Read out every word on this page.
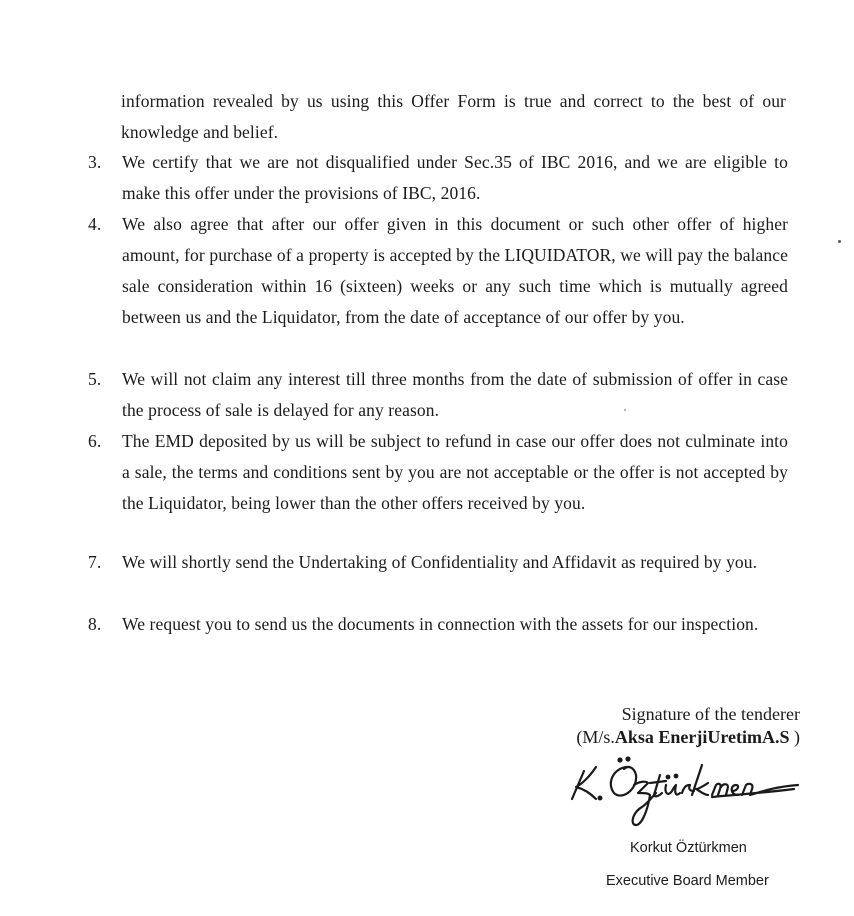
information revealed by us using this Offer Form is true and correct to the best of our knowledge and belief.
3.	We certify that we are not disqualified under Sec.35 of IBC 2016, and we are eligible to make this offer under the provisions of IBC, 2016.
4.	We also agree that after our offer given in this document or such other offer of higher amount, for purchase of a property is accepted by the LIQUIDATOR, we will pay the balance sale consideration within 16 (sixteen) weeks or any such time which is mutually agreed between us and the Liquidator, from the date of acceptance of our offer by you.
5.	We will not claim any interest till three months from the date of submission of offer in case the process of sale is delayed for any reason.
6.	The EMD deposited by us will be subject to refund in case our offer does not culminate into a sale, the terms and conditions sent by you are not acceptable or the offer is not accepted by the Liquidator, being lower than the other offers received by you.
7.	We will shortly send the Undertaking of Confidentiality and Affidavit as required by you.
8.	We request you to send us the documents in connection with the assets for our inspection.
Signature of the tenderer
(M/s.Aksa EnerjiUretimA.S )
Korkut Öztürkmen
Executive Board Member
